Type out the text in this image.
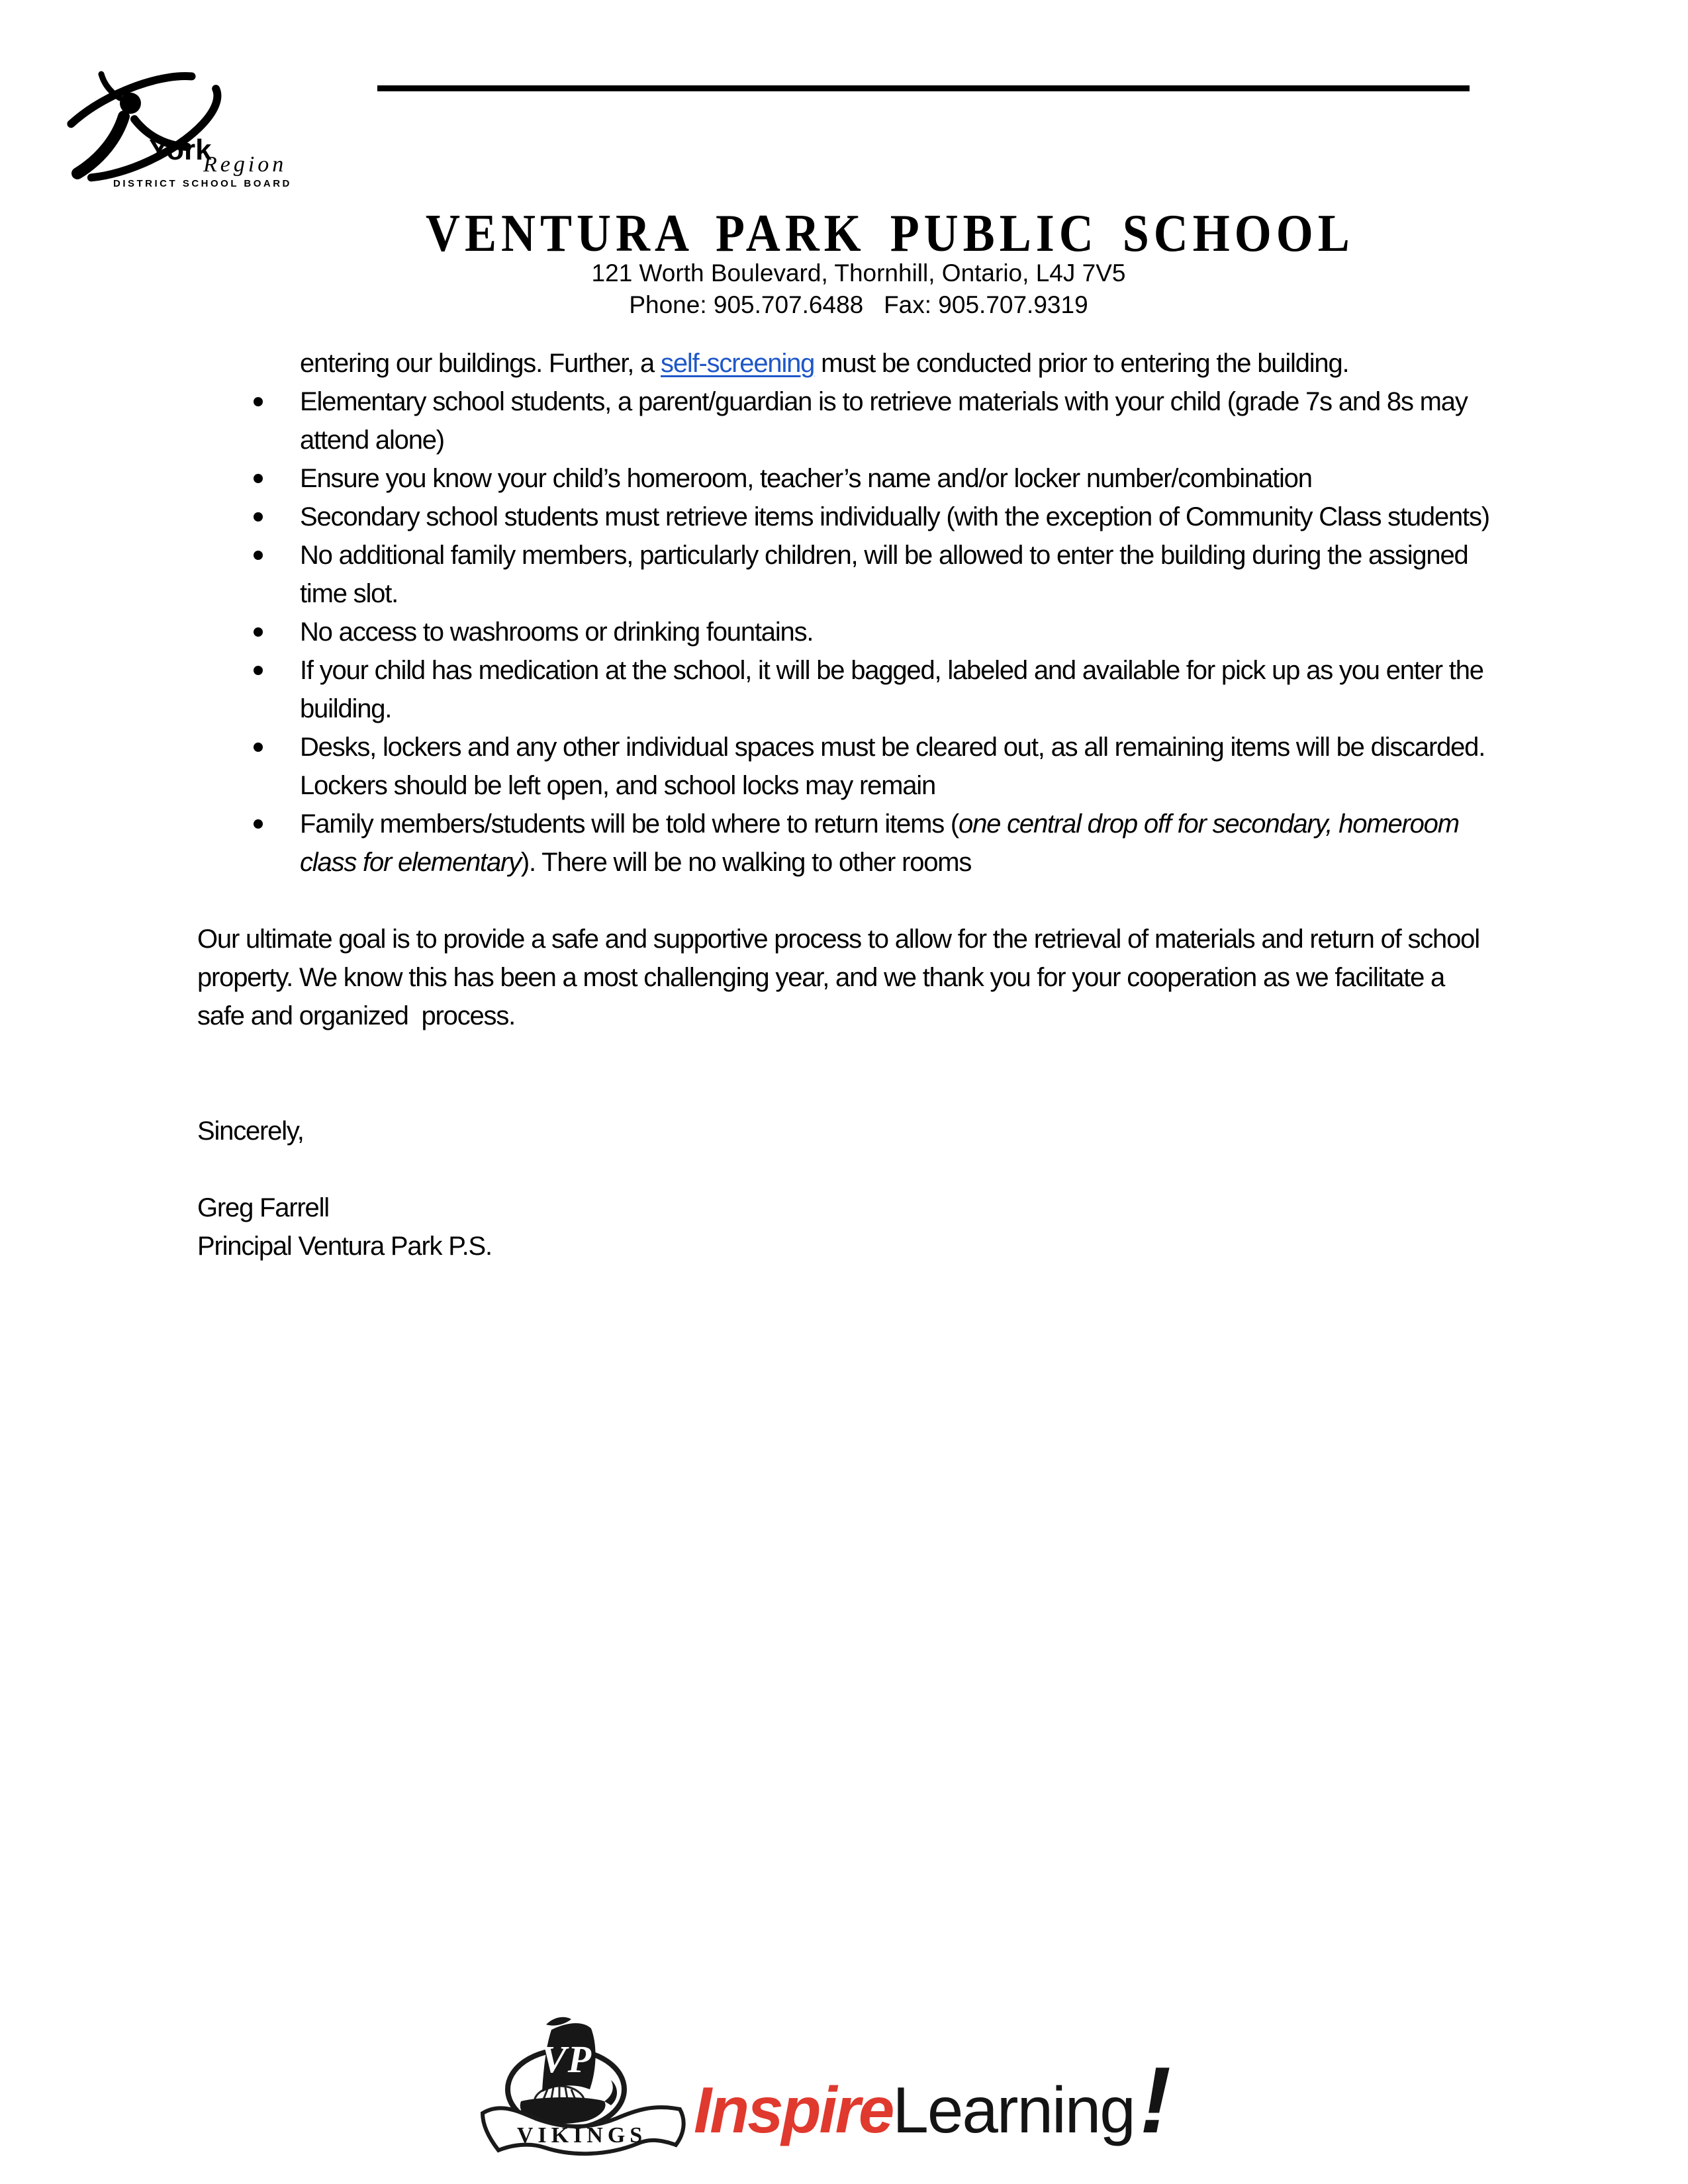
York
Region
DISTRICT SCHOOL BOARD
VENTURA PARK PUBLIC SCHOOL
121 Worth Boulevard, Thornhill, Ontario, L4J 7V5
Phone: 905.707.6488   Fax: 905.707.9319
entering our buildings. Further, a self-screening must be conducted prior to entering the building.
Elementary school students, a parent/guardian is to retrieve materials with your child (grade 7s and 8s may attend alone)
Ensure you know your child’s homeroom, teacher’s name and/or locker number/combination
Secondary school students must retrieve items individually (with the exception of Community Class students)
No additional family members, particularly children, will be allowed to enter the building during the assigned time slot.
No access to washrooms or drinking fountains.
If your child has medication at the school, it will be bagged, labeled and available for pick up as you enter the building.
Desks, lockers and any other individual spaces must be cleared out, as all remaining items will be discarded. Lockers should be left open, and school locks may remain
Family members/students will be told where to return items (one central drop off for secondary, homeroom class for elementary). There will be no walking to other rooms
Our ultimate goal is to provide a safe and supportive process to allow for the retrieval of materials and return of school property. We know this has been a most challenging year, and we thank you for your cooperation as we facilitate a safe and organized  process.
Sincerely,
Greg Farrell
Principal Ventura Park P.S.
VP
VIKINGS Inspire Learning !
